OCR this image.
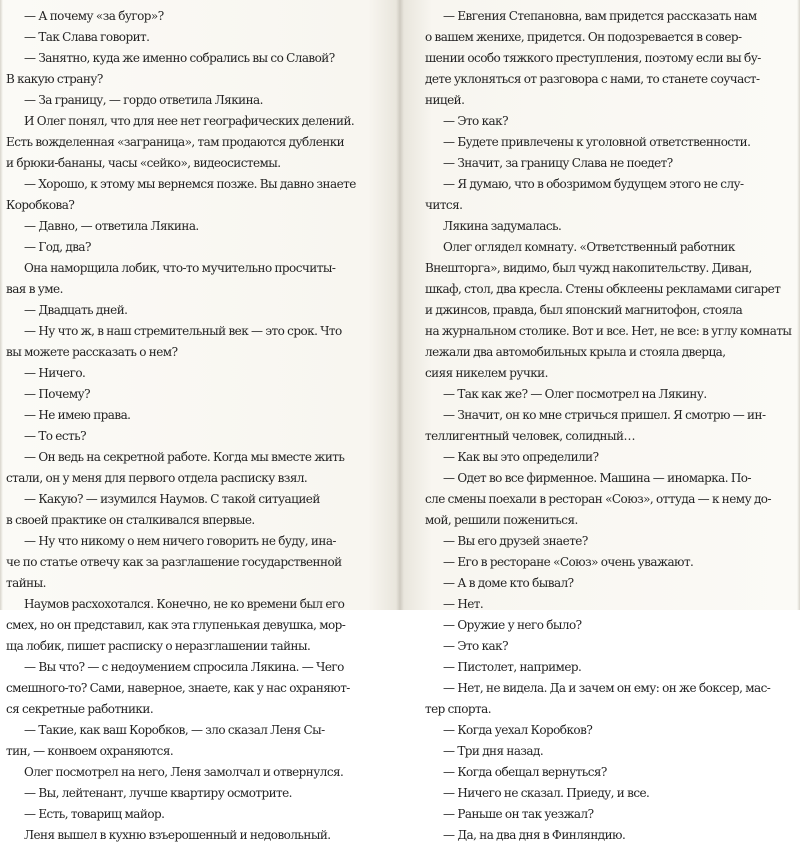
— А почему «за бугор»?
— Так Слава говорит.
— Занятно, куда же именно собрались вы со Славой?
В какую страну?
— За границу, — гордо ответила Лякина.
И Олег понял, что для нее нет географических делений.
Есть вожделенная «заграница», там продаются дубленки
и брюки-бананы, часы «сейко», видеосистемы.
— Хорошо, к этому мы вернемся позже. Вы давно знаете
Коробкова?
— Давно, — ответила Лякина.
— Год, два?
Она наморщила лобик, что-то мучительно просчиты-
вая в уме.
— Двадцать дней.
— Ну что ж, в наш стремительный век — это срок. Что
вы можете рассказать о нем?
— Ничего.
— Почему?
— Не имею права.
— То есть?
— Он ведь на секретной работе. Когда мы вместе жить
стали, он у меня для первого отдела расписку взял.
— Какую? — изумился Наумов. С такой ситуацией
в своей практике он сталкивался впервые.
— Ну что никому о нем ничего говорить не буду, ина-
че по статье отвечу как за разглашение государственной
тайны.
Наумов расхохотался. Конечно, не ко времени был его
смех, но он представил, как эта глупенькая девушка, мор-
ща лобик, пишет расписку о неразглашении тайны.
— Вы что? — с недоумением спросила Лякина. — Чего
смешного-то? Сами, наверное, знаете, как у нас охраняют-
ся секретные работники.
— Такие, как ваш Коробков, — зло сказал Леня Сы-
тин, — конвоем охраняются.
Олег посмотрел на него, Леня замолчал и отвернулся.
— Вы, лейтенант, лучше квартиру осмотрите.
— Есть, товарищ майор.
Леня вышел в кухню взъерошенный и недовольный.
— Евгения Степановна, вам придется рассказать нам
о вашем женихе, придется. Он подозревается в совер-
шении особо тяжкого преступления, поэтому если вы бу-
дете уклоняться от разговора с нами, то станете соучаст-
ницей.
— Это как?
— Будете привлечены к уголовной ответственности.
— Значит, за границу Слава не поедет?
— Я думаю, что в обозримом будущем этого не слу-
чится.
Лякина задумалась.
Олег оглядел комнату. «Ответственный работник
Внешторга», видимо, был чужд накопительству. Диван,
шкаф, стол, два кресла. Стены обклеены рекламами сигарет
и джинсов, правда, был японский магнитофон, стояла
на журнальном столике. Вот и все. Нет, не все: в углу комнаты
лежали два автомобильных крыла и стояла дверца,
сияя никелем ручки.
— Так как же? — Олег посмотрел на Лякину.
— Значит, он ко мне стричься пришел. Я смотрю — ин-
теллигентный человек, солидный…
— Как вы это определили?
— Одет во все фирменное. Машина — иномарка. По-
сле смены поехали в ресторан «Союз», оттуда — к нему до-
мой, решили пожениться.
— Вы его друзей знаете?
— Его в ресторане «Союз» очень уважают.
— А в доме кто бывал?
— Нет.
— Оружие у него было?
— Это как?
— Пистолет, например.
— Нет, не видела. Да и зачем он ему: он же боксер, мас-
тер спорта.
— Когда уехал Коробков?
— Три дня назад.
— Когда обещал вернуться?
— Ничего не сказал. Приеду, и все.
— Раньше он так уезжал?
— Да, на два дня в Финляндию.
